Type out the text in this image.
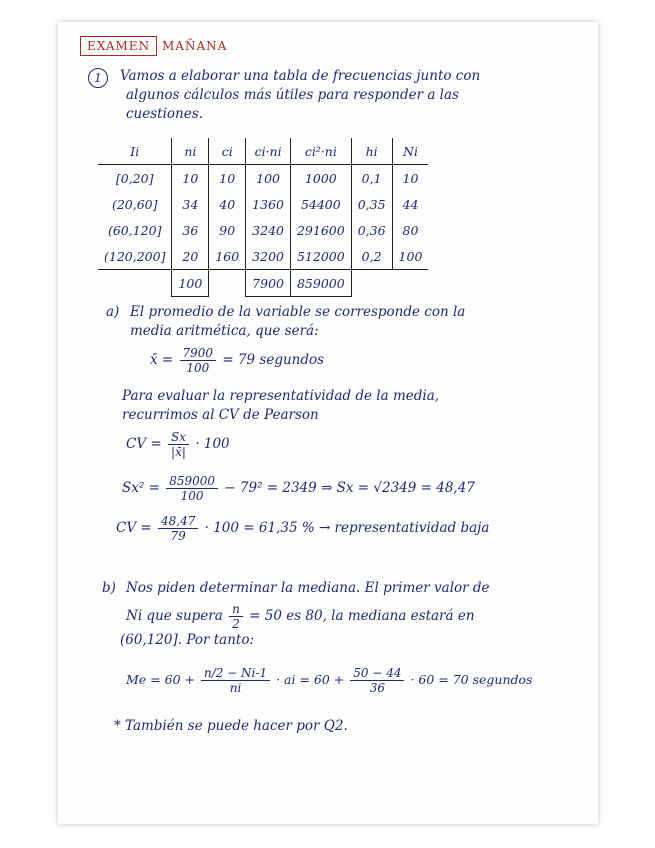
EXAMEN MAÑANA
1	Vamos a elaborar una tabla de frecuencias junto con
algunos cálculos más útiles para responder a las
cuestiones.
Ii	ni	ci	ci·ni	ci²·ni	hi	Ni
[0,20]	10	10	100	1000	0,1	10
(20,60]	34	40	1360	54400	0,35	44
(60,120]	36	90	3240	291600	0,36	80
(120,200]	20	160	3200	512000	0,2	100
	100		7900	859000		
a) El promedio de la variable se corresponde con la
media aritmética, que será:
x̄ = $\frac{7900}{100} = 79$ segundos
Para evaluar la representatividad de la media,
recurrimos al CV de Pearson
CV = $\frac{Sx}{|x̄|} \cdot 100$
$Sx^2 = \frac{859000}{100} - 79^2 = 2349$ ⇒ Sx = √2349 = 48,47
CV = $\frac{48,47}{79} \cdot 100 = 61,35$ % → representatividad baja
b) Nos piden determinar la mediana. El primer valor de
Ni que supera $\frac{n}{2} = 50$ es 80, la mediana estará en
(60,120]. Por tanto:
$Me = 60 + \frac{n/2 - Ni-1}{ni}$ · ai = $60 + \frac{50 - 44}{36} \cdot 60 = 70$ segundos
* También se puede hacer por Q2.
